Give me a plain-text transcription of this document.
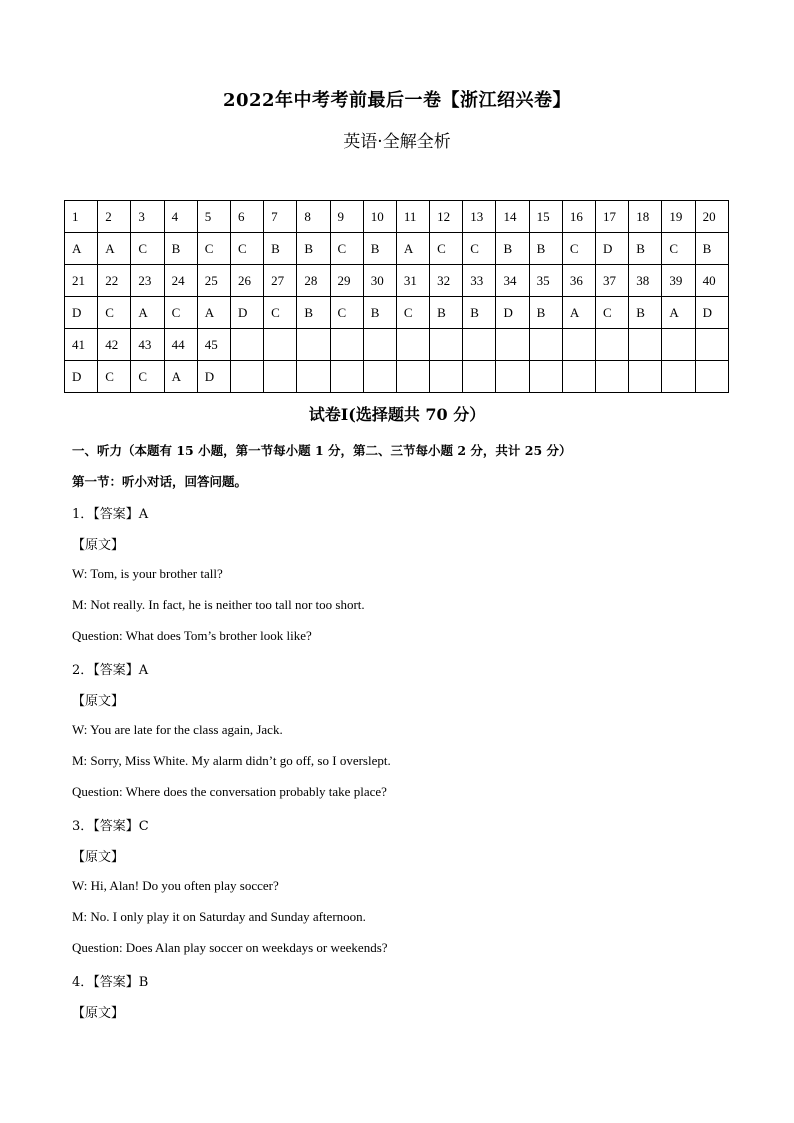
2022年中考考前最后一卷【浙江绍兴卷】
英语·全解全析
1	2	3	4	5	6	7	8	9	10	11	12	13	14	15	16	17	18	19	20
A	A	C	B	C	C	B	B	C	B	A	C	C	B	B	C	D	B	C	B
21	22	23	24	25	26	27	28	29	30	31	32	33	34	35	36	37	38	39	40
D	C	A	C	A	D	C	B	C	B	C	B	B	D	B	A	C	B	A	D
41	42	43	44	45															
D	C	C	A	D															
试卷I(选择题共 70 分）
一、听力（本题有 15 小题，第一节每小题 1 分，第二、三节每小题 2 分，共计 25 分）
第一节：听小对话，回答问题。
1．【答案】A
【原文】
W: Tom, is your brother tall?
M: Not really. In fact, he is neither too tall nor too short.
Question: What does Tom’s brother look like?
2．【答案】A
【原文】
W: You are late for the class again, Jack.
M: Sorry, Miss White. My alarm didn’t go off, so I overslept.
Question: Where does the conversation probably take place?
3．【答案】C
【原文】
W: Hi, Alan! Do you often play soccer?
M: No. I only play it on Saturday and Sunday afternoon.
Question: Does Alan play soccer on weekdays or weekends?
4．【答案】B
【原文】
